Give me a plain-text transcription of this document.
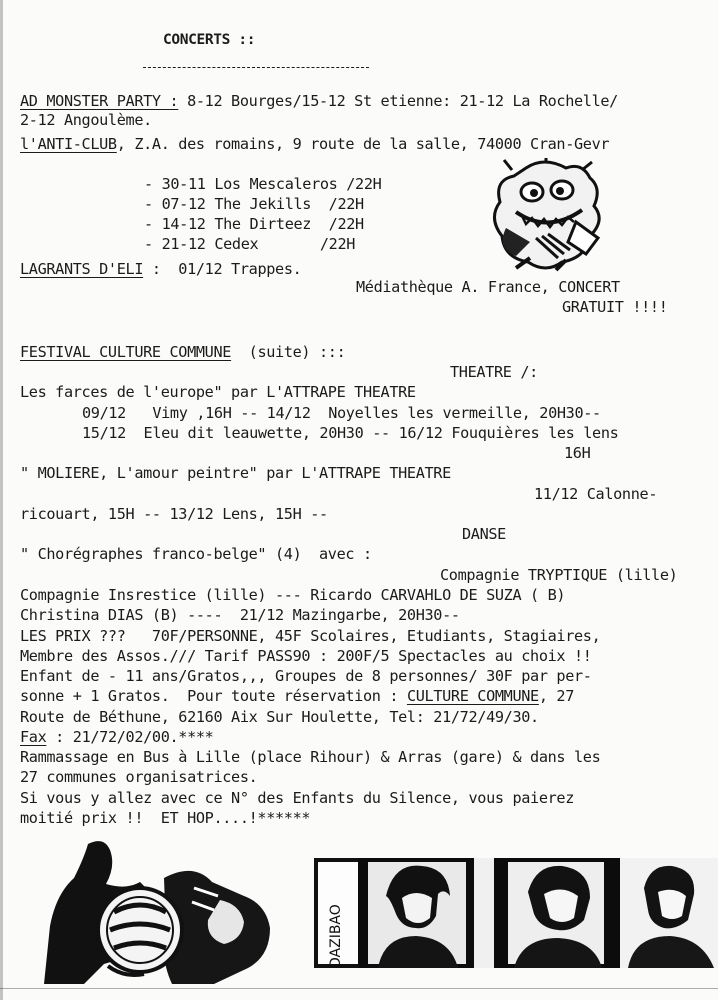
CONCERTS ::
AD MONSTER PARTY : 8-12 Bourges/15-12 St etienne: 21-12 La Rochelle/
2-12 Angoulème.
l'ANTI-CLUB, Z.A. des romains, 9 route de la salle, 74000 Cran-Gevr
- 30-11 Los Mescaleros /22H
- 07-12 The Jekills  /22H
- 14-12 The Dirteez  /22H
- 21-12 Cedex       /22H
LAGRANTS D'ELI :  01/12 Trappes.
Médiathèque A. France, CONCERT
GRATUIT !!!!
FESTIVAL CULTURE COMMUNE  (suite) :::
THEATRE /:
Les farces de l'europe" par L'ATTRAPE THEATRE
09/12   Vimy ,16H -- 14/12  Noyelles les vermeille, 20H30--
15/12  Eleu dit leauwette, 20H30 -- 16/12 Fouquières les lens
16H
" MOLIERE, L'amour peintre" par L'ATTRAPE THEATRE
11/12 Calonne-
ricouart, 15H -- 13/12 Lens, 15H --
DANSE
" Chorégraphes franco-belge" (4)  avec :
Compagnie TRYPTIQUE (lille)
Compagnie Insrestice (lille) --- Ricardo CARVAHLO DE SUZA ( B)
Christina DIAS (B) ----  21/12 Mazingarbe, 20H30--
LES PRIX ???   70F/PERSONNE, 45F Scolaires, Etudiants, Stagiaires,
Membre des Assos./// Tarif PASS90 : 200F/5 Spectacles au choix !!
Enfant de - 11 ans/Gratos,,, Groupes de 8 personnes/ 30F par per-
sonne + 1 Gratos.  Pour toute réservation : CULTURE COMMUNE, 27
Route de Béthune, 62160 Aix Sur Houlette, Tel: 21/72/49/30.
Fax : 21/72/02/00.****
Rammassage en Bus à Lille (place Rihour) & Arras (gare) & dans les
27 communes organisatrices.
Si vous y allez avec ce N° des Enfants du Silence, vous paierez
moitié prix !!  ET HOP....!******
DAZIBAO
